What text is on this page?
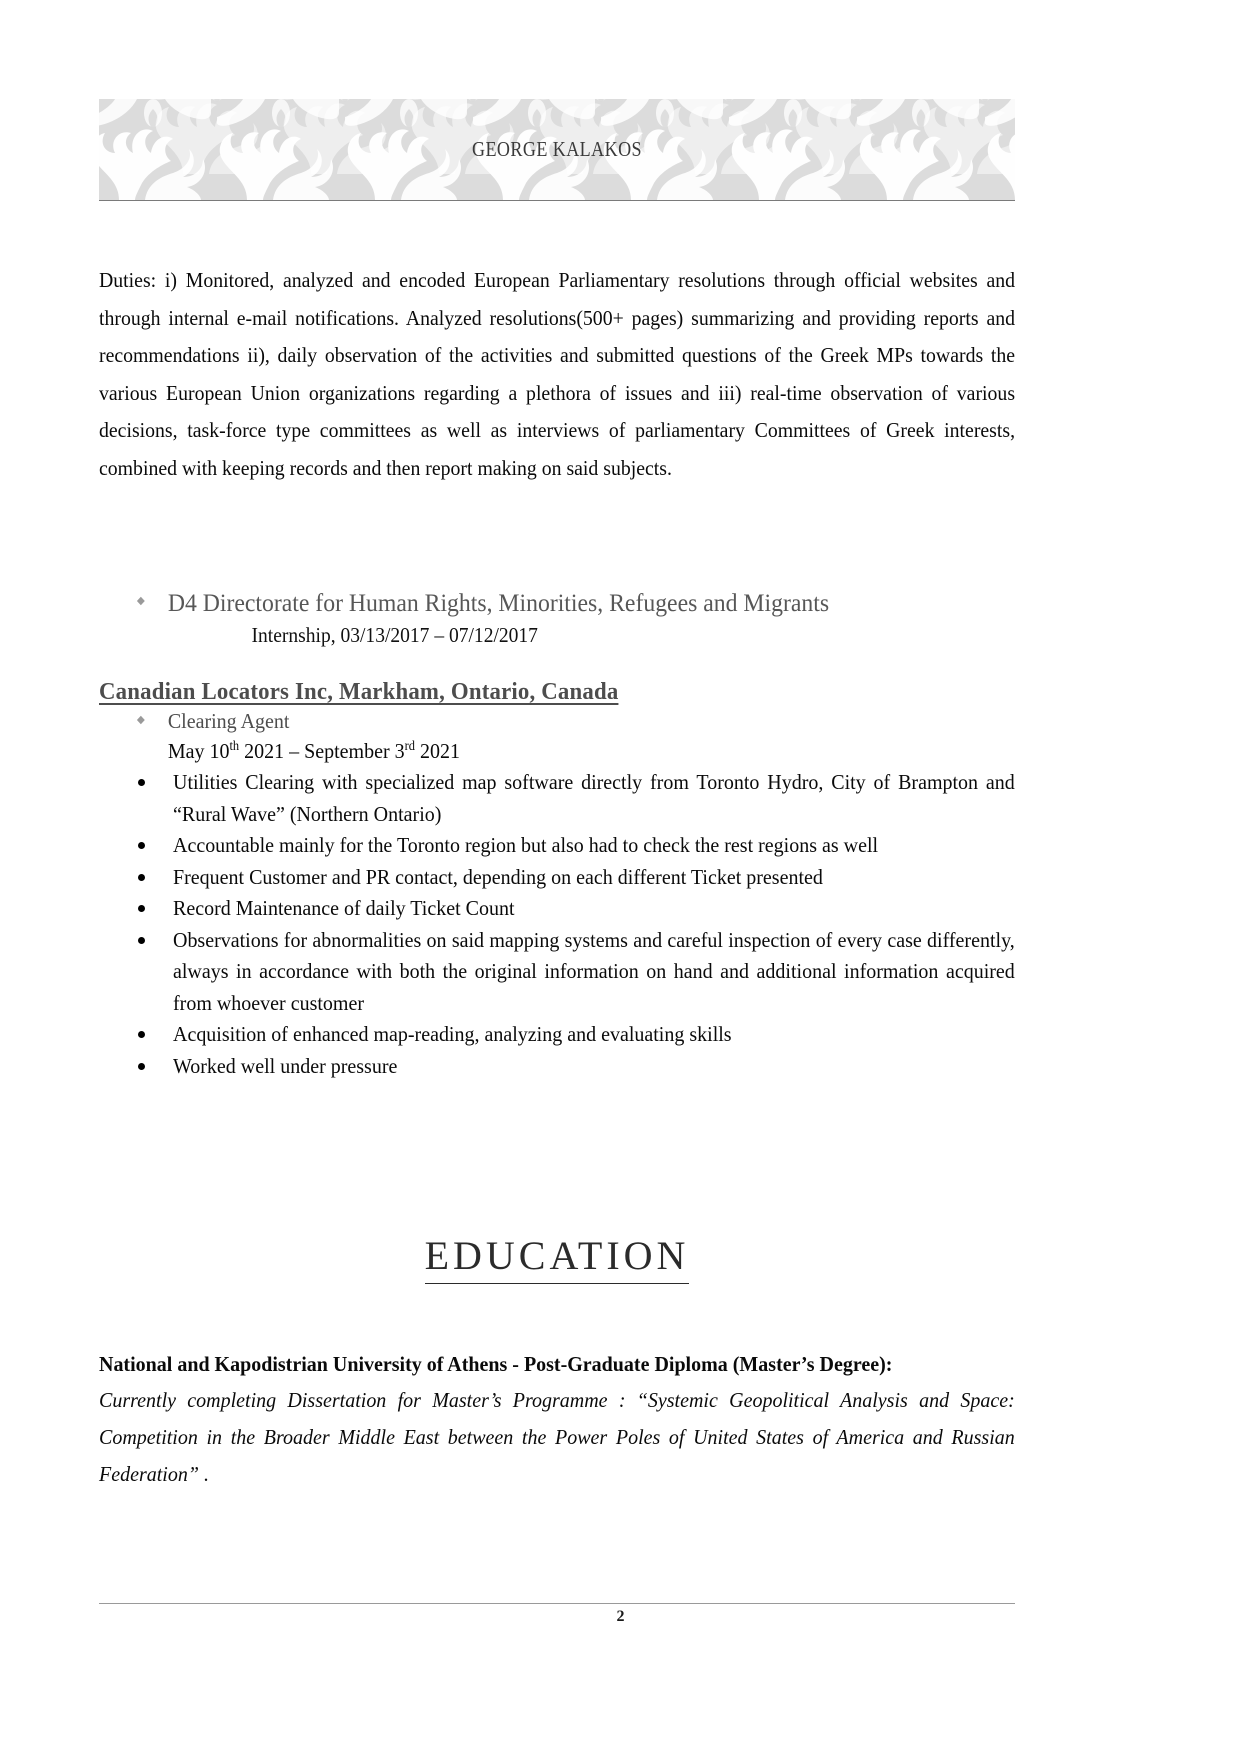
GEORGE KALAKOS

Duties: i) Monitored, analyzed and encoded European Parliamentary resolutions through official websites and through internal e-mail notifications. Analyzed resolutions(500+ pages) summarizing and providing reports and recommendations ii), daily observation of the activities and submitted questions of the Greek MPs towards the various European Union organizations regarding a plethora of issues and iii) real-time observation of various decisions, task-force type committees as well as interviews of parliamentary Committees of Greek interests, combined with keeping records and then report making on said subjects.

D4 Directorate for Human Rights, Minorities, Refugees and Migrants
Internship, 03/13/2017 – 07/12/2017

Canadian Locators Inc, Markham, Ontario, Canada

Clearing Agent
May 10th 2021 – September 3rd 2021
Utilities Clearing with specialized map software directly from Toronto Hydro, City of Brampton and “Rural Wave” (Northern Ontario)
Accountable mainly for the Toronto region but also had to check the rest regions as well
Frequent Customer and PR contact, depending on each different Ticket presented
Record Maintenance of daily Ticket Count
Observations for abnormalities on said mapping systems and careful inspection of every case differently, always in accordance with both the original information on hand and additional information acquired from whoever customer
Acquisition of enhanced map-reading, analyzing and evaluating skills
Worked well under pressure
EDUCATION

National and Kapodistrian University of Athens - Post-Graduate Diploma (Master’s Degree):

Currently completing Dissertation for Master’s Programme : “Systemic Geopolitical Analysis and Space: Competition in the Broader Middle East between the Power Poles of United States of America and Russian Federation” .

2
